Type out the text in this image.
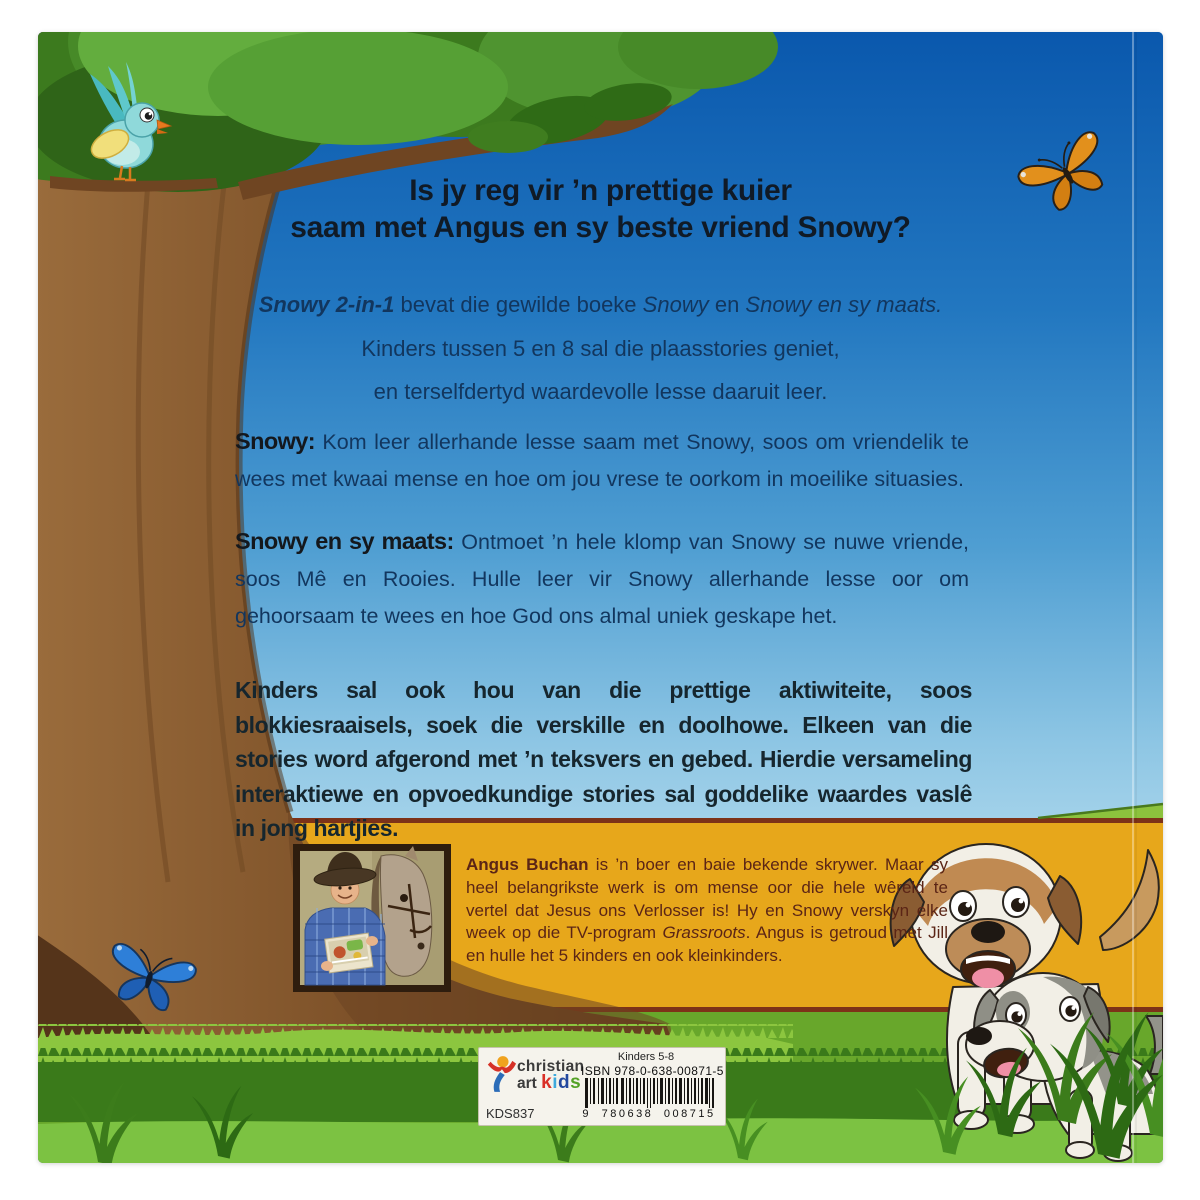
Is jy reg vir ’n prettige kuier
saam met Angus en sy beste vriend Snowy?
Snowy 2-in-1 bevat die gewilde boeke Snowy en Snowy en sy maats.
Kinders tussen 5 en 8 sal die plaasstories geniet,
en terselfdertyd waardevolle lesse daaruit leer.
Snowy: Kom leer allerhande lesse saam met Snowy, soos om vriendelik te wees met kwaai mense en hoe om jou vrese te oorkom in moeilike situasies.
Snowy en sy maats: Ontmoet ’n hele klomp van Snowy se nuwe vriende, soos Mê en Rooies. Hulle leer vir Snowy allerhande lesse oor om gehoorsaam te wees en hoe God ons almal uniek geskape het.
Kinders sal ook hou van die prettige aktiwiteite, soos blokkiesraaisels, soek die verskille en doolhowe. Elkeen van die stories word afgerond met ’n teksvers en gebed. Hierdie versameling interaktiewe en opvoedkundige stories sal goddelike waardes vaslê in jong hartjies.
Angus Buchan is ’n boer en baie bekende skrywer. Maar sy heel belangrikste werk is om mense oor die hele wêreld te vertel dat Jesus ons Verlosser is! Hy en Snowy verskyn elke week op die TV-program Grassroots. Angus is getroud met Jill en hulle het 5 kinders en ook kleinkinders.
christian
art kids
KDS837
Kinders 5-8
ISBN 978-0-638-00871-5
9 780638 008715
